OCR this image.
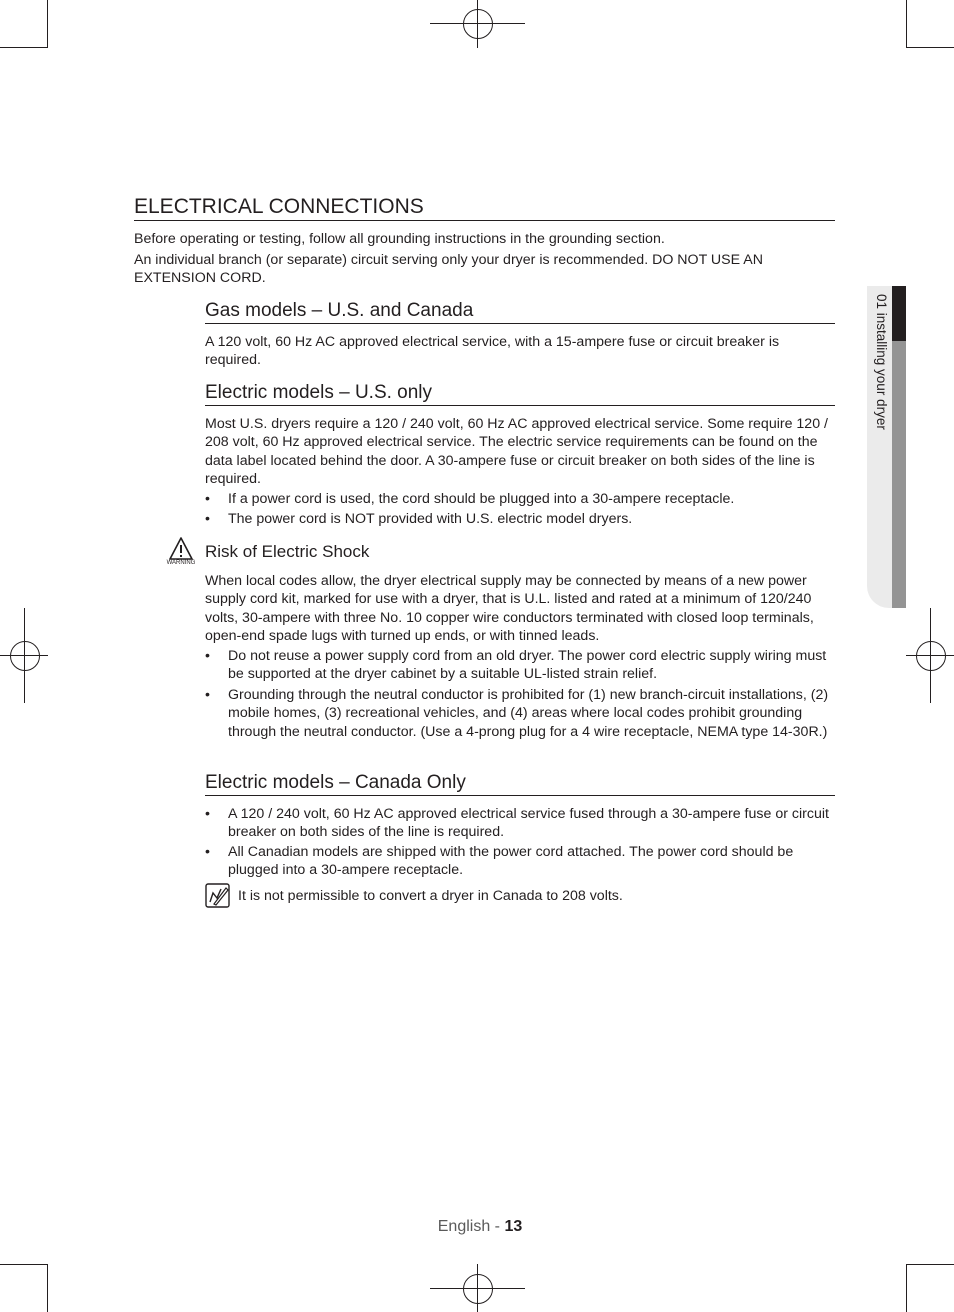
ELECTRICAL CONNECTIONS

Before operating or testing, follow all grounding instructions in the grounding section.

An individual branch (or separate) circuit serving only your dryer is recommended. DO NOT USE AN EXTENSION CORD.

Gas models – U.S. and Canada

A 120 volt, 60 Hz AC approved electrical service, with a 15-ampere fuse or circuit breaker is required.

Electric models – U.S. only

Most U.S. dryers require a 120 / 240 volt, 60 Hz AC approved electrical service. Some require 120 / 208 volt, 60 Hz approved electrical service. The electric service requirements can be found on the data label located behind the door. A 30-ampere fuse or circuit breaker on both sides of the line is required.

•	If a power cord is used, the cord should be plugged into a 30-ampere receptacle.
•	The power cord is NOT provided with U.S. electric model dryers.
WARNING
Risk of Electric Shock

When local codes allow, the dryer electrical supply may be connected by means of a new power supply cord kit, marked for use with a dryer, that is U.L. listed and rated at a minimum of 120/240 volts, 30-ampere with three No. 10 copper wire conductors terminated with closed loop terminals, open-end spade lugs with turned up ends, or with tinned leads.

•	Do not reuse a power supply cord from an old dryer. The power cord electric supply wiring must be supported at the dryer cabinet by a suitable UL-listed strain relief.
•	Grounding through the neutral conductor is prohibited for (1) new branch-circuit installations, (2) mobile homes, (3) recreational vehicles, and (4) areas where local codes prohibit grounding through the neutral conductor. (Use a 4-prong plug for a 4 wire receptacle, NEMA type 14-30R.)
Electric models – Canada Only
•	A 120 / 240 volt, 60 Hz AC approved electrical service fused through a 30-ampere fuse or circuit breaker on both sides of the line is required.
•	All Canadian models are shipped with the power cord attached. The power cord should be plugged into a 30-ampere receptacle.

It is not permissible to convert a dryer in Canada to 208 volts.

01 installing your dryer
English - 13
